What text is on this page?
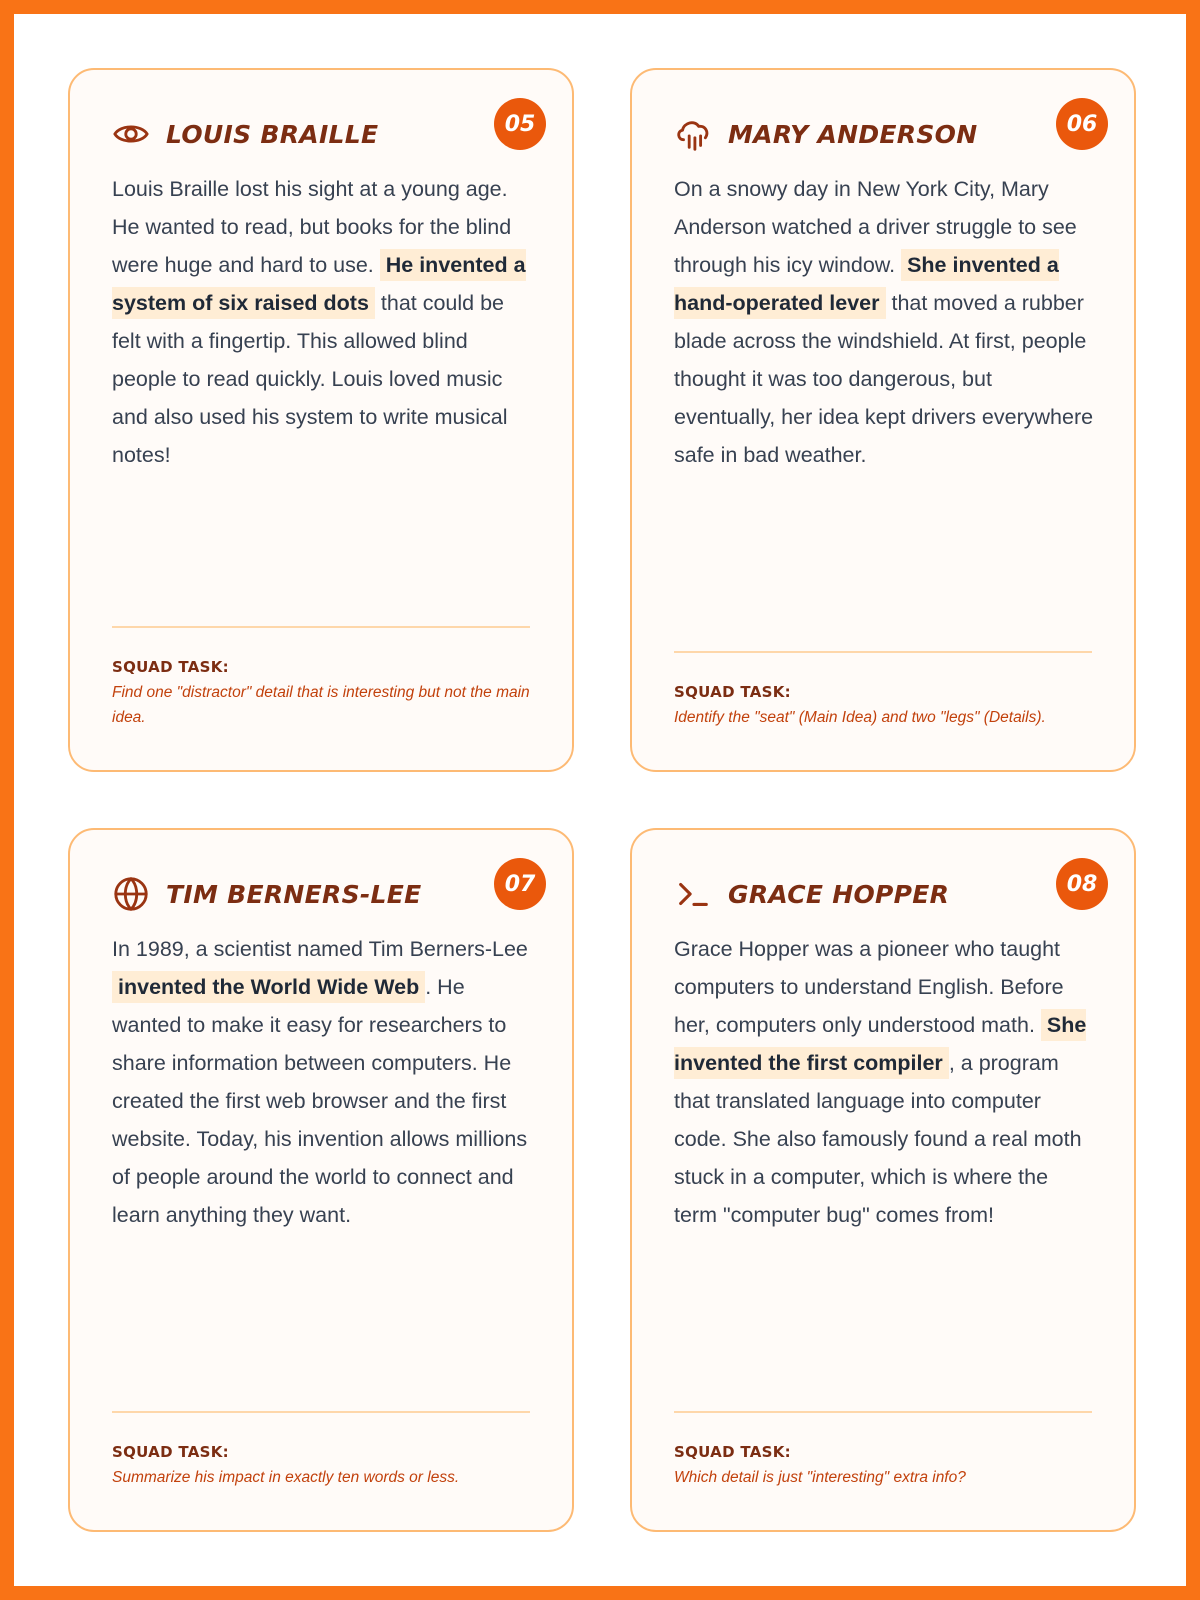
LOUIS BRAILLE	05
Louis Braille lost his sight at a young age. He wanted to read, but books for the blind were huge and hard to use. He invented a system of six raised dots that could be felt with a fingertip. This allowed blind people to read quickly. Louis loved music and also used his system to write musical notes!
SQUAD TASK:
Find one "distractor" detail that is interesting but not the main idea.
MARY ANDERSON	06
On a snowy day in New York City, Mary Anderson watched a driver struggle to see through his icy window. She invented a hand-operated lever that moved a rubber blade across the windshield. At first, people thought it was too dangerous, but eventually, her idea kept drivers everywhere safe in bad weather.
SQUAD TASK:
Identify the "seat" (Main Idea) and two "legs" (Details).
TIM BERNERS-LEE	07
In 1989, a scientist named Tim Berners-Lee invented the World Wide Web . He wanted to make it easy for researchers to share information between computers. He created the first web browser and the first website. Today, his invention allows millions of people around the world to connect and learn anything they want.
SQUAD TASK:
Summarize his impact in exactly ten words or less.
GRACE HOPPER	08
Grace Hopper was a pioneer who taught computers to understand English. Before her, computers only understood math. She invented the first compiler , a program that translated language into computer code. She also famously found a real moth stuck in a computer, which is where the term "computer bug" comes from!
SQUAD TASK:
Which detail is just "interesting" extra info?
